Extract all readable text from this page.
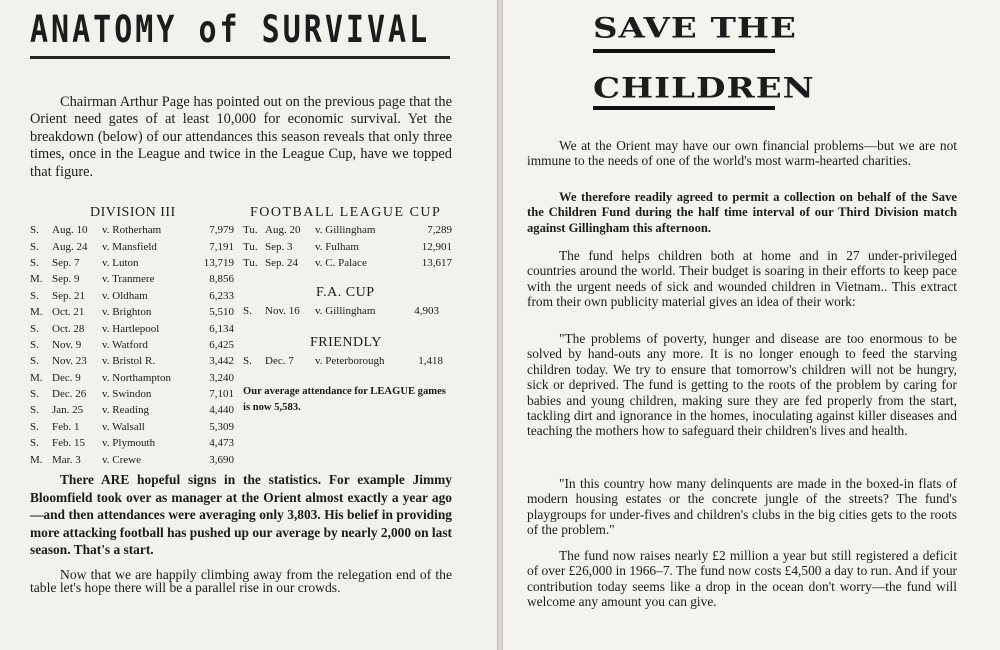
ANATOMY of SURVIVAL

Chairman Arthur Page has pointed out on the previous page that the Orient need gates of at least 10,000 for economic survival. Yet the breakdown (below) of our attendances this season reveals that only three times, once in the League and twice in the League Cup, have we topped that figure.

DIVISION III
S.	Aug. 10	v. Rotherham	7,979
S.	Aug. 24	v. Mansfield	7,191
S.	Sep. 7	v. Luton	13,719
M.	Sep. 9	v. Tranmere	8,856
S.	Sep. 21	v. Oldham	6,233
M.	Oct. 21	v. Brighton	5,510
S.	Oct. 28	v. Hartlepool	6,134
S.	Nov. 9	v. Watford	6,425
S.	Nov. 23	v. Bristol R.	3,442
M.	Dec. 9	v. Northampton	3,240
S.	Dec. 26	v. Swindon	7,101
S.	Jan. 25	v. Reading	4,440
S.	Feb. 1	v. Walsall	5,309
S.	Feb. 15	v. Plymouth	4,473
M.	Mar. 3	v. Crewe	3,690
FOOTBALL LEAGUE CUP
Tu.	Aug. 20	v. Gillingham	7,289
Tu.	Sep. 3	v. Fulham	12,901
Tu.	Sep. 24	v. C. Palace	13,617
F.A. CUP
S.	Nov. 16	v. Gillingham	4,903
FRIENDLY
S.	Dec. 7	v. Peterborough	1,418
Our average attendance for LEAGUE games is now 5,583.

There ARE hopeful signs in the statistics. For example Jimmy Bloomfield took over as manager at the Orient almost exactly a year ago—and then attendances were averaging only 3,803. His belief in providing more attacking football has pushed up our average by nearly 2,000 on last season. That's a start.

Now that we are happily climbing away from the relegation end of the table let's hope there will be a parallel rise in our crowds.

SAVE THE
CHILDREN

We at the Orient may have our own financial problems—but we are not immune to the needs of one of the world's most warm-hearted charities.

We therefore readily agreed to permit a collection on behalf of the Save the Children Fund during the half time interval of our Third Division match against Gillingham this afternoon.

The fund helps children both at home and in 27 under-privileged countries around the world. Their budget is soaring in their efforts to keep pace with the urgent needs of sick and wounded children in Vietnam.. This extract from their own publicity material gives an idea of their work:

"The problems of poverty, hunger and disease are too enormous to be solved by hand-outs any more. It is no longer enough to feed the starving children today. We try to ensure that tomorrow's children will not be hungry, sick or deprived. The fund is getting to the roots of the problem by caring for babies and young children, making sure they are fed properly from the start, tackling dirt and ignorance in the homes, inoculating against killer diseases and teaching the mothers how to safeguard their children's lives and health.

"In this country how many delinquents are made in the boxed-in flats of modern housing estates or the concrete jungle of the streets? The fund's playgroups for under-fives and children's clubs in the big cities gets to the roots of the problem."

The fund now raises nearly £2 million a year but still registered a deficit of over £26,000 in 1966–7. The fund now costs £4,500 a day to run. And if your contribution today seems like a drop in the ocean don't worry—the fund will welcome any amount you can give.
